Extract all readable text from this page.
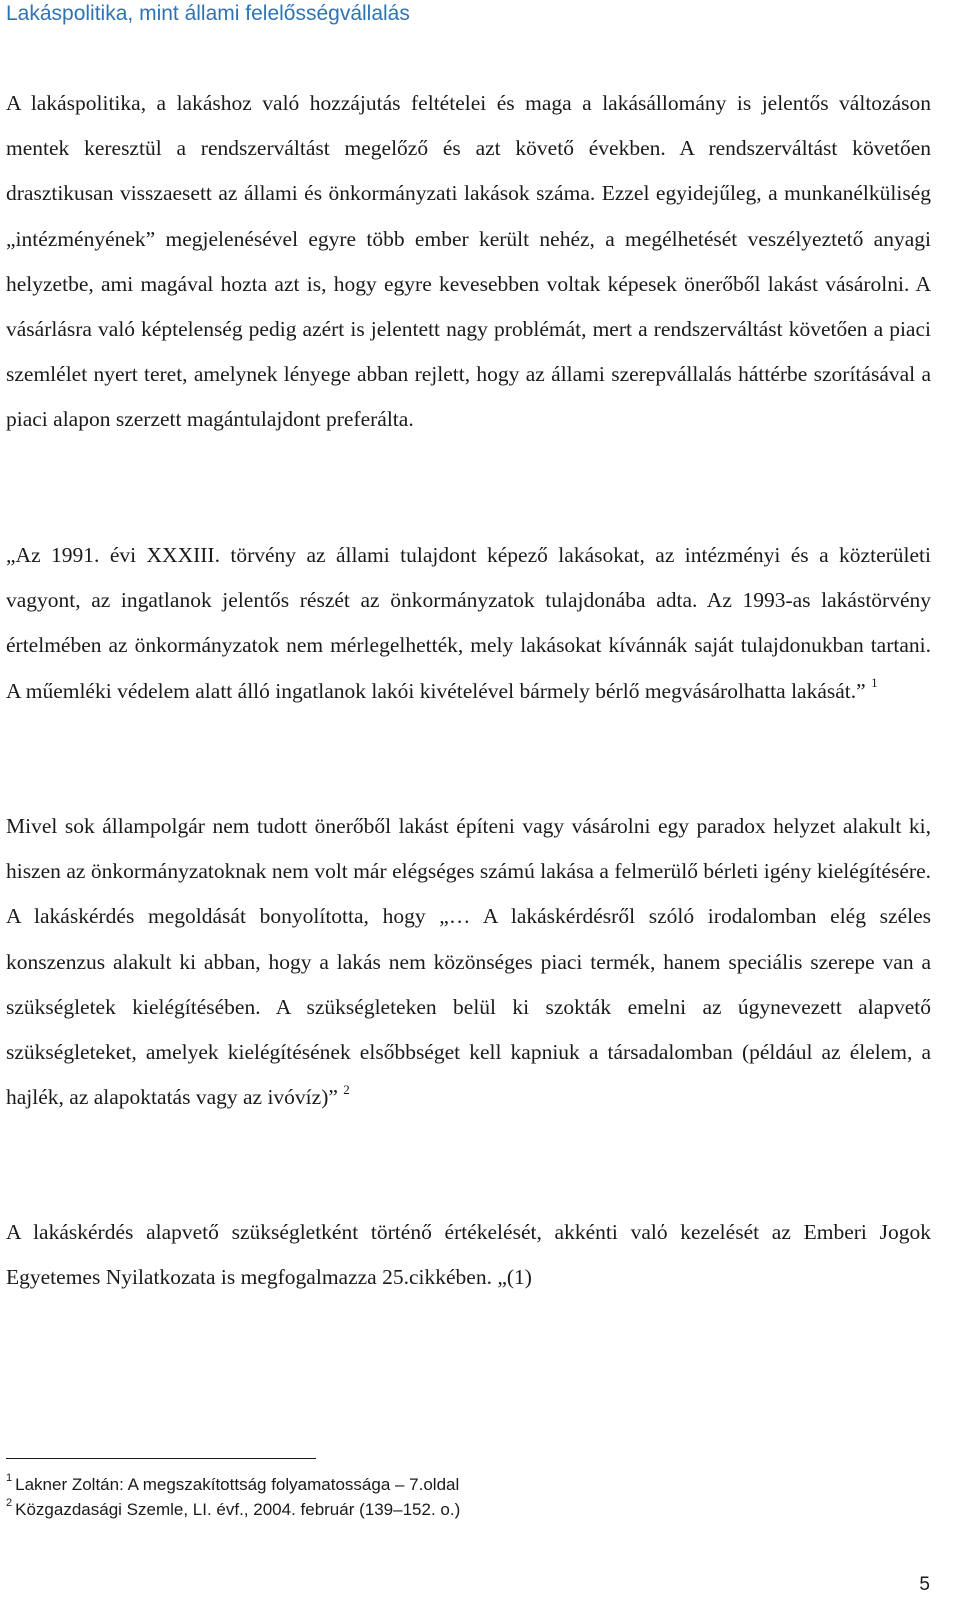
Lakáspolitika, mint állami felelősségvállalás

A lakáspolitika, a lakáshoz való hozzájutás feltételei és maga a lakásállomány is jelentős változáson mentek keresztül a rendszerváltást megelőző és azt követő években. A rendszerváltást követően drasztikusan visszaesett az állami és önkormányzati lakások száma. Ezzel egyidejűleg, a munkanélküliség „intézményének” megjelenésével egyre több ember került nehéz, a megélhetését veszélyeztető anyagi helyzetbe, ami magával hozta azt is, hogy egyre kevesebben voltak képesek önerőből lakást vásárolni. A vásárlásra való képtelenség pedig azért is jelentett nagy problémát, mert a rendszerváltást követően a piaci szemlélet nyert teret, amelynek lényege abban rejlett, hogy az állami szerepvállalás háttérbe szorításával a piaci alapon szerzett magántulajdont preferálta.

„Az 1991. évi XXXIII. törvény az állami tulajdont képező lakásokat, az intézményi és a közterületi vagyont, az ingatlanok jelentős részét az önkormányzatok tulajdonába adta. Az 1993-as lakástörvény értelmében az önkormányzatok nem mérlegelhették, mely lakásokat kívánnák saját tulajdonukban tartani. A műemléki védelem alatt álló ingatlanok lakói kivételével bármely bérlő megvásárolhatta lakását.” $^1$

Mivel sok állampolgár nem tudott önerőből lakást építeni vagy vásárolni egy paradox helyzet alakult ki, hiszen az önkormányzatoknak nem volt már elégséges számú lakása a felmerülő bérleti igény kielégítésére. A lakáskérdés megoldását bonyolította, hogy „… A lakáskérdésről szóló irodalomban elég széles konszenzus alakult ki abban, hogy a lakás nem közönséges piaci termék, hanem speciális szerepe van a szükségletek kielégítésében. A szükségleteken belül ki szokták emelni az úgynevezett alapvető szükségleteket, amelyek kielégítésének elsőbbséget kell kapniuk a társadalomban (például az élelem, a hajlék, az alapoktatás vagy az ivóvíz)” $^2$

A lakáskérdés alapvető szükségletként történő értékelését, akkénti valό kezelését az Emberi Jogok Egyetemes Nyilatkozata is megfogalmazza 25.cikkében. „(1)

$^1$ Lakner Zoltán: A megszakítottság folyamatossága – 7.oldal

$^2$ Közgazdasági Szemle, LI. évf., 2004. február (139–152. o.)

5
